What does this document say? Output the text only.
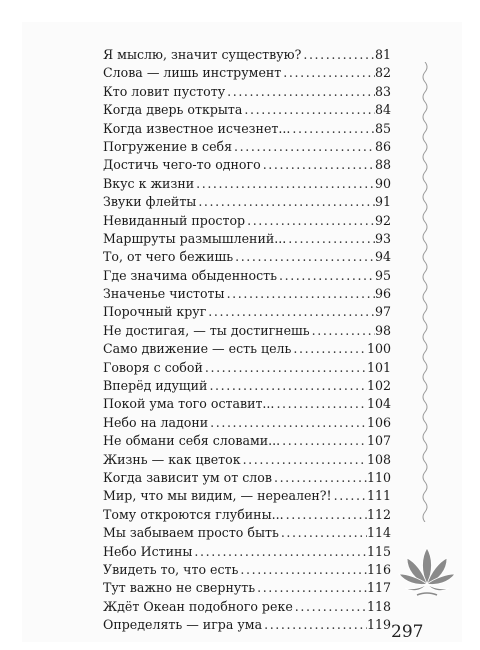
Я мыслю, значит существую? .....	81
Слова — лишь инструмент .....	82
Кто ловит пустоту .....	83
Когда дверь открыта .....	84
Когда известное исчезнет... .....	85
Погружение в себя .....	86
Достичь чего-то одного .....	88
Вкус к жизни .....	90
Звуки флейты .....	91
Невиданный простор .....	92
Маршруты размышлений... .....	93
То, от чего бежишь .....	94
Где значима обыденность .....	95
Значенье чистоты .....	96
Порочный круг .....	97
Не достигая, — ты достигнешь .....	98
Само движение — есть цель .....	100
Говоря с собой .....	101
Вперёд идущий .....	102
Покой ума того оставит... .....	104
Небо на ладони .....	106
Не обмани себя словами... .....	107
Жизнь — как цветок .....	108
Когда зависит ум от слов .....	110
Мир, что мы видим, — нереален?! .....	111
Тому откроются глубины... .....	112
Мы забываем просто быть .....	114
Небо Истины .....	115
Увидеть то, что есть .....	116
Тут важно не свернуть .....	117
Ждёт Океан подобного реке .....	118
Определять — игра ума .....	119 297
